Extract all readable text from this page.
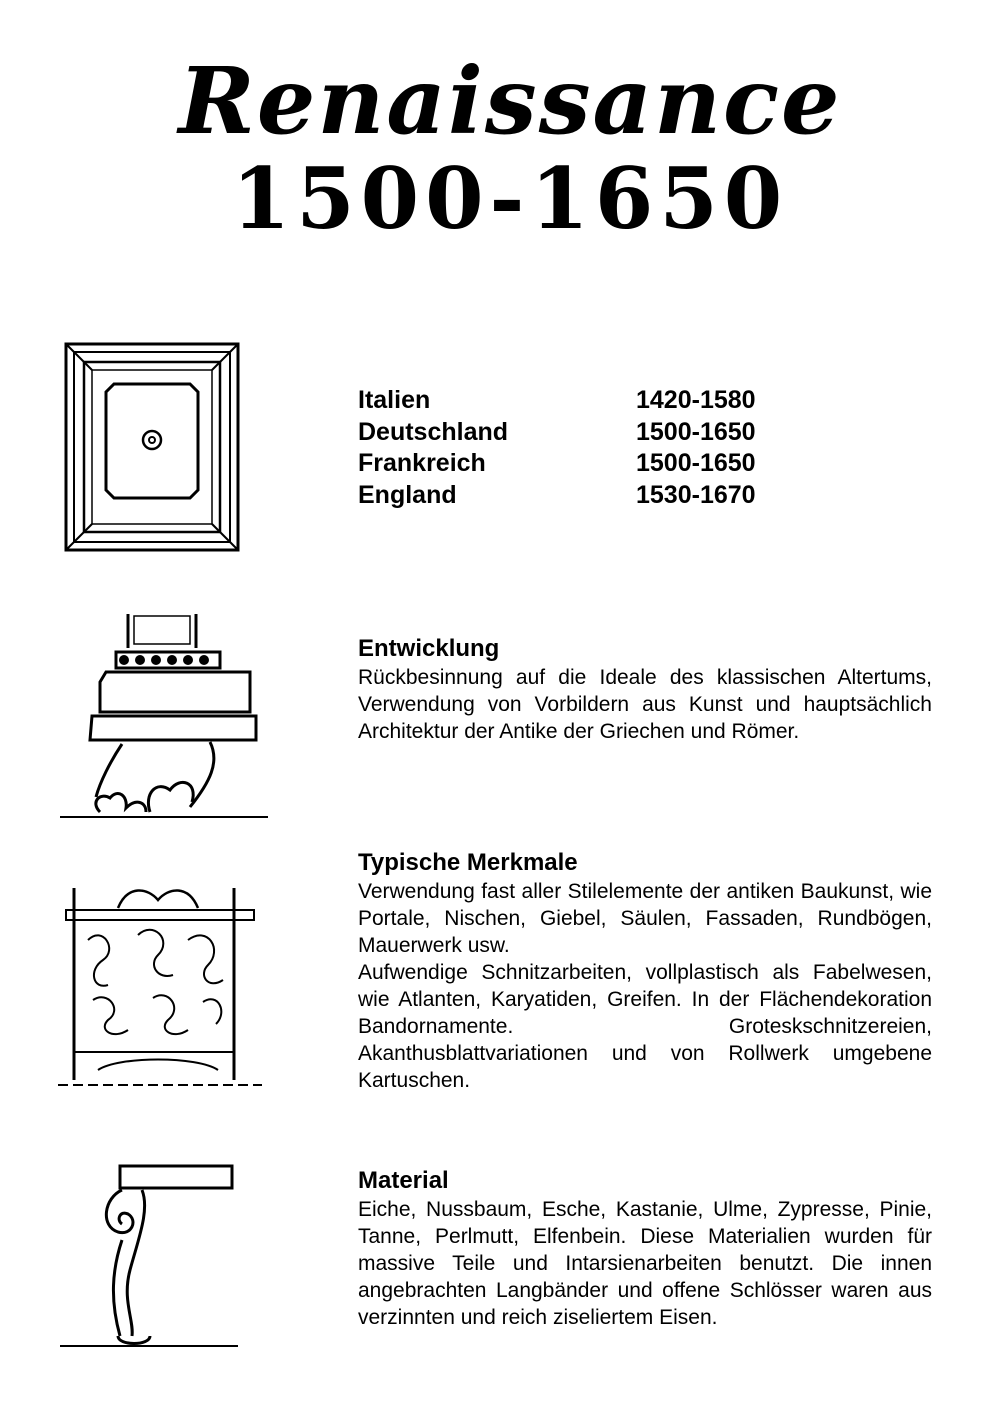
Renaissance
1500-1650
Italien	1420-1580
Deutschland	1500-1650
Frankreich	1500-1650
England	1530-1670
Entwicklung

Rückbesinnung auf die Ideale des klassischen Altertums, Verwendung von Vorbildern aus Kunst und hauptsächlich Architektur der Antike der Griechen und Römer.

Typische Merkmale

Verwendung fast aller Stilelemente der antiken Baukunst, wie Portale, Nischen, Giebel, Säulen, Fassaden, Rundbögen, Mauerwerk usw.

Aufwendige Schnitzarbeiten, vollplastisch als Fabelwesen, wie Atlanten, Karyatiden, Greifen. In der Flächendekoration Bandornamente. Groteskschnitzereien, Akanthusblattvariationen und von Rollwerk umgebene Kartuschen.

Material

Eiche, Nussbaum, Esche, Kastanie, Ulme, Zypresse, Pinie, Tanne, Perlmutt, Elfenbein. Diese Materialien wurden für massive Teile und Intarsienarbeiten benutzt. Die innen angebrachten Langbänder und offene Schlösser waren aus verzinnten und reich ziseliertem Eisen.
